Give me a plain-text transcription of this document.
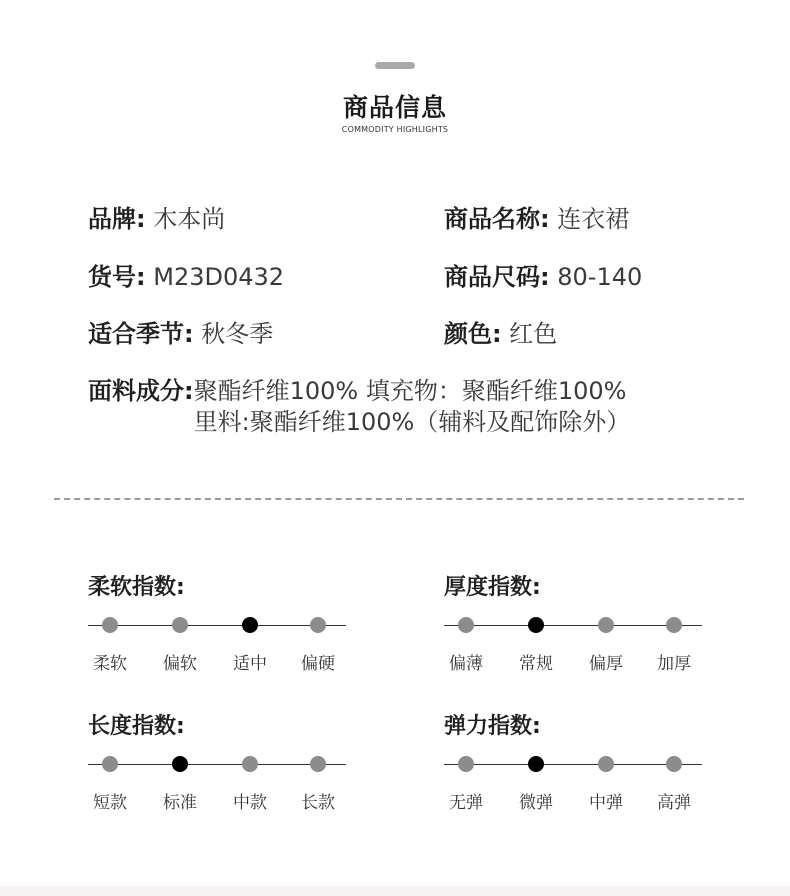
商品信息
COMMODITY HIGHLIGHTS
品牌: 木本尚	商品名称: 连衣裙
货号: M23D0432	商品尺码: 80-140
适合季节: 秋冬季	颜色: 红色
面料成分: 聚酯纤维100% 填充物：聚酯纤维100%
里料:聚酯纤维100%（辅料及配饰除外）
柔软指数:
柔软	偏软	适中	偏硬
厚度指数:
偏薄	常规	偏厚	加厚
长度指数:
短款	标准	中款	长款
弹力指数:
无弹	微弹	中弹	高弹
